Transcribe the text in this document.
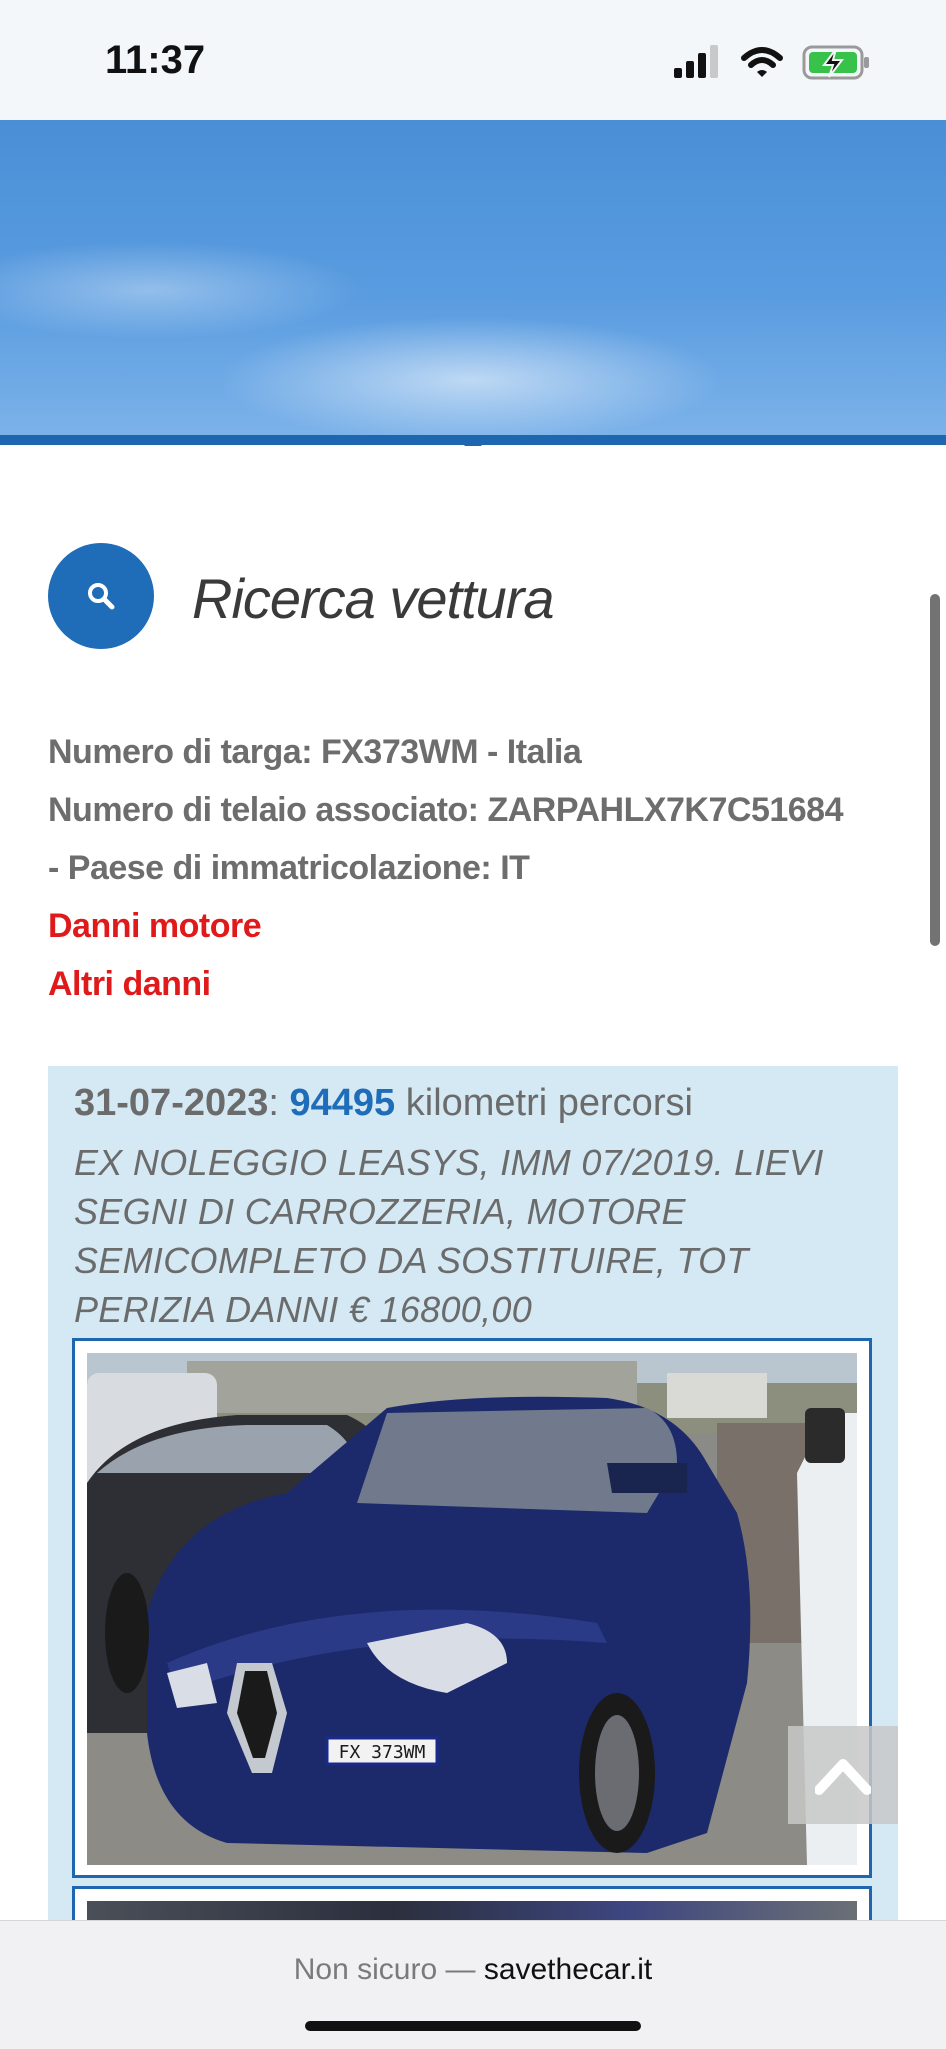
11:37
Ricerca vettura
Numero di targa: FX373WM - Italia
Numero di telaio associato: ZARPAHLX7K7C51684
- Paese di immatricolazione: IT
Danni motore
Altri danni
31-07-2023: 94495 kilometri percorsi
EX NOLEGGIO LEASYS, IMM 07/2019. LIEVI SEGNI DI CARROZZERIA, MOTORE SEMICOMPLETO DA SOSTITUIRE, TOT PERIZIA DANNI € 16800,00
FX 373WM
Non sicuro — savethecar.it
